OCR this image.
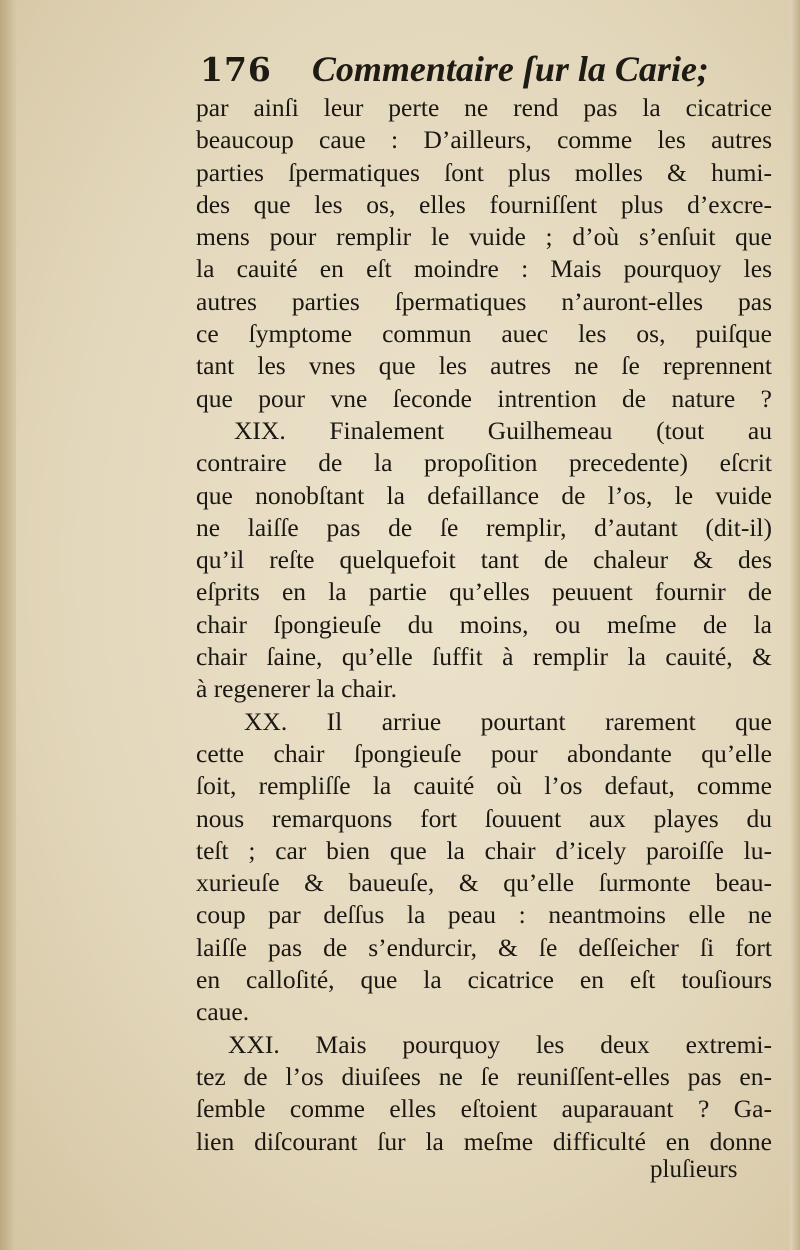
176 Commentaire ſur la Carie;
par ainſi leur perte ne rend pas la cicatrice
beaucoup caue : D’ailleurs, comme les autres
parties ſpermatiques ſont plus molles & humi-
des que les os, elles fourniſſent plus d’excre-
mens pour remplir le vuide ; d’où s’enſuit que
la cauité en eſt moindre : Mais pourquoy les
autres parties ſpermatiques n’auront-elles pas
ce ſymptome commun auec les os, puiſque
tant les vnes que les autres ne ſe reprennent
que pour vne ſeconde intrention de nature ?
XIX. Finalement Guilhemeau (tout au
contraire de la propoſition precedente) eſcrit
que nonobſtant la defaillance de l’os, le vuide
ne laiſſe pas de ſe remplir, d’autant (dit-il)
qu’il reſte quelquefoit tant de chaleur & des
eſprits en la partie qu’elles peuuent fournir de
chair ſpongieuſe du moins, ou meſme de la
chair ſaine, qu’elle ſuffit à remplir la cauité, &
à regenerer la chair.
XX. Il arriue pourtant rarement que
cette chair ſpongieuſe pour abondante qu’elle
ſoit, rempliſſe la cauité où l’os defaut, comme
nous remarquons fort ſouuent aux playes du
teſt ; car bien que la chair d’icely paroiſſe lu-
xurieuſe & baueuſe, & qu’elle ſurmonte beau-
coup par deſſus la peau : neantmoins elle ne
laiſſe pas de s’endurcir, & ſe deſſeicher ſi fort
en calloſité, que la cicatrice en eſt touſiours
caue.
XXI. Mais pourquoy les deux extremi-
tez de l’os diuiſees ne ſe reuniſſent-elles pas en-
ſemble comme elles eſtoient auparauant ? Ga-
lien diſcourant ſur la meſme difficulté en donne
pluſieurs
